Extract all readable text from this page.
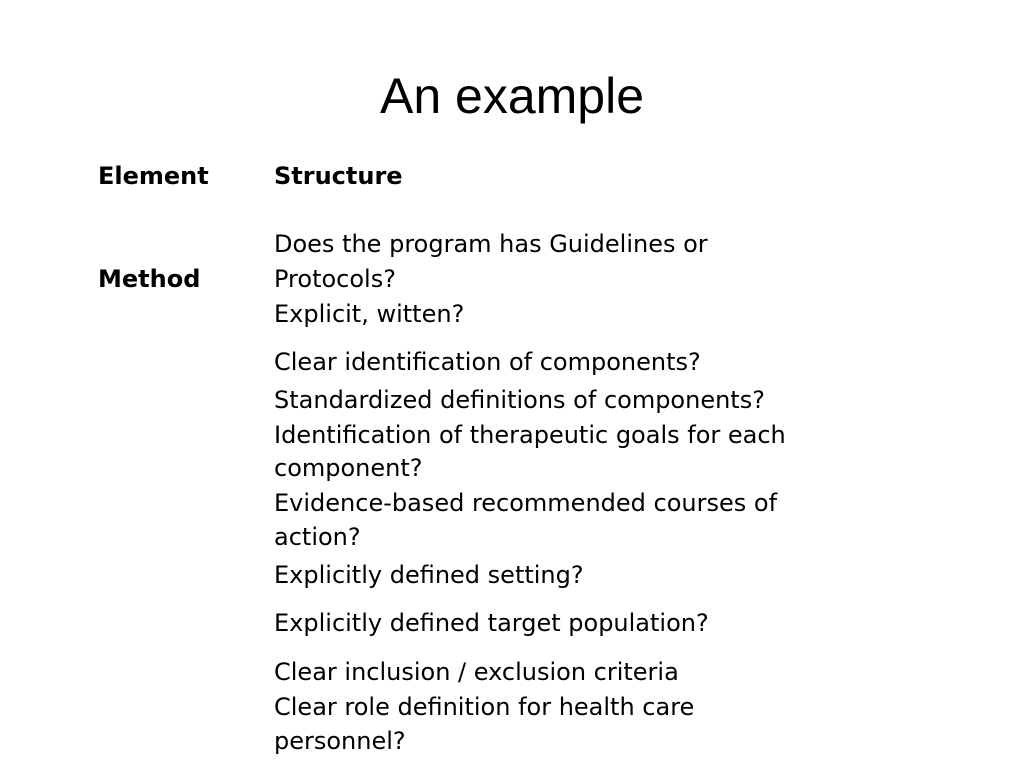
An example
Element	Structure
Method
Does the program has Guidelines or
Protocols?
Explicit, witten?
Clear identification of components?
Standardized definitions of components?
Identification of therapeutic goals for each
component?
Evidence-based recommended courses of
action?
Explicitly defined setting?
Explicitly defined target population?
Clear inclusion / exclusion criteria
Clear role definition for health care
personnel?
